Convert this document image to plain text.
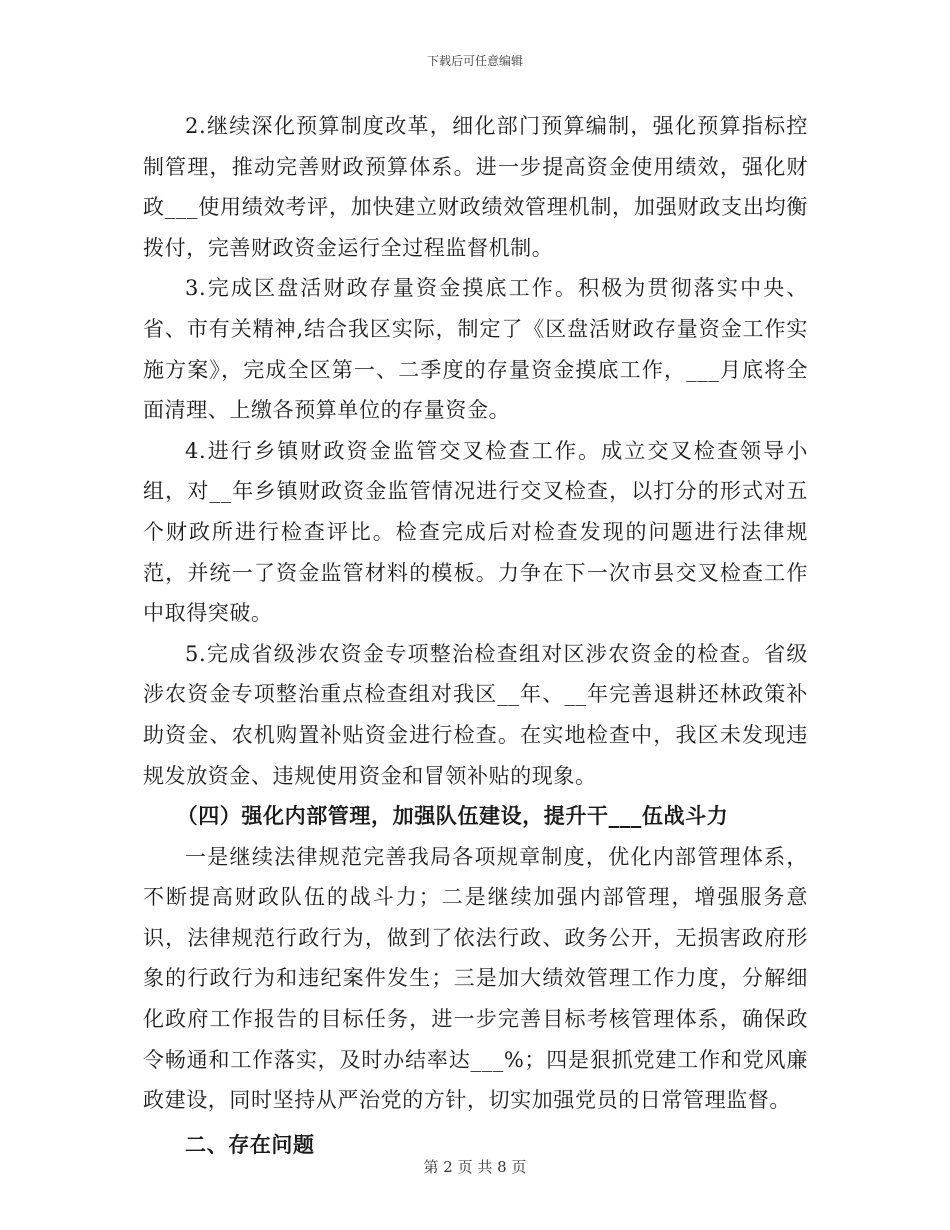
下载后可任意编辑

2.继续深化预算制度改革，细化部门预算编制，强化预算指标控制管理，推动完善财政预算体系。进一步提高资金使用绩效，强化财政___使用绩效考评，加快建立财政绩效管理机制，加强财政支出均衡拨付，完善财政资金运行全过程监督机制。

3.完成区盘活财政存量资金摸底工作。积极为贯彻落实中央、省、市有关精神,结合我区实际，制定了《区盘活财政存量资金工作实施方案》，完成全区第一、二季度的存量资金摸底工作，___月底将全面清理、上缴各预算单位的存量资金。

4.进行乡镇财政资金监管交叉检查工作。成立交叉检查领导小组，对__年乡镇财政资金监管情况进行交叉检查，以打分的形式对五个财政所进行检查评比。检查完成后对检查发现的问题进行法律规范，并统一了资金监管材料的模板。力争在下一次市县交叉检查工作中取得突破。

5.完成省级涉农资金专项整治检查组对区涉农资金的检查。省级涉农资金专项整治重点检查组对我区__年、__年完善退耕还林政策补助资金、农机购置补贴资金进行检查。在实地检查中，我区未发现违规发放资金、违规使用资金和冒领补贴的现象。

（四）强化内部管理，加强队伍建设，提升干___伍战斗力

一是继续法律规范完善我局各项规章制度，优化内部管理体系，不断提高财政队伍的战斗力；二是继续加强内部管理，增强服务意识，法律规范行政行为，做到了依法行政、政务公开，无损害政府形象的行政行为和违纪案件发生；三是加大绩效管理工作力度，分解细化政府工作报告的目标任务，进一步完善目标考核管理体系，确保政令畅通和工作落实，及时办结率达___%；四是狠抓党建工作和党风廉政建设，同时坚持从严治党的方针，切实加强党员的日常管理监督。

二、存在问题

第 2 页 共 8 页
